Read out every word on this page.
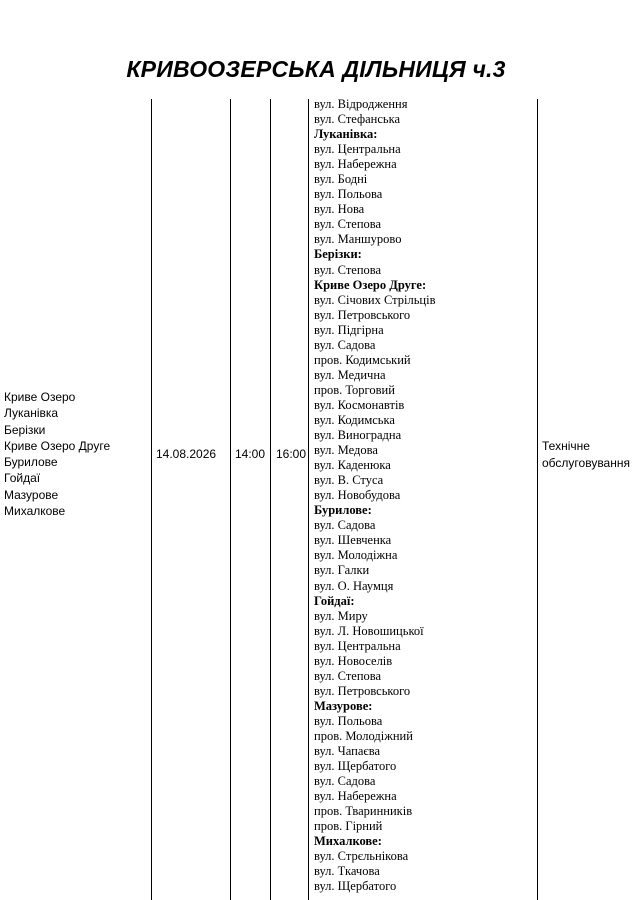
КРИВООЗЕРСЬКА ДІЛЬНИЦЯ ч.3
Криве Озеро
Луканівка
Берізки
Криве Озеро Друге
Бурилове
Гойдаї
Мазурове
Михалкове
14.08.2026 14:00 16:00
Технічне
обслуговування
вул. Відродження
вул. Стефанська
Луканівка:
вул. Центральна
вул. Набережна
вул. Бодні
вул. Польова
вул. Нова
вул. Степова
вул. Маншурово
Берізки:
вул. Степова
Криве Озеро Друге:
вул. Січових Стрільців
вул. Петровського
вул. Підгірна
вул. Садова
пров. Кодимський
вул. Медична
пров. Торговий
вул. Космонавтів
вул. Кодимська
вул. Виноградна
вул. Медова
вул. Каденюка
вул. В. Стуса
вул. Новобудова
Бурилове:
вул. Садова
вул. Шевченка
вул. Молодіжна
вул. Галки
вул. О. Наумця
Гойдаї:
вул. Миру
вул. Л. Новошицької
вул. Центральна
вул. Новоселів
вул. Степова
вул. Петровського
Мазурове:
вул. Польова
пров. Молодіжний
вул. Чапаєва
вул. Щербатого
вул. Садова
вул. Набережна
пров. Тваринників
пров. Гірний
Михалкове:
вул. Стрєльнікова
вул. Ткачова
вул. Щербатого
